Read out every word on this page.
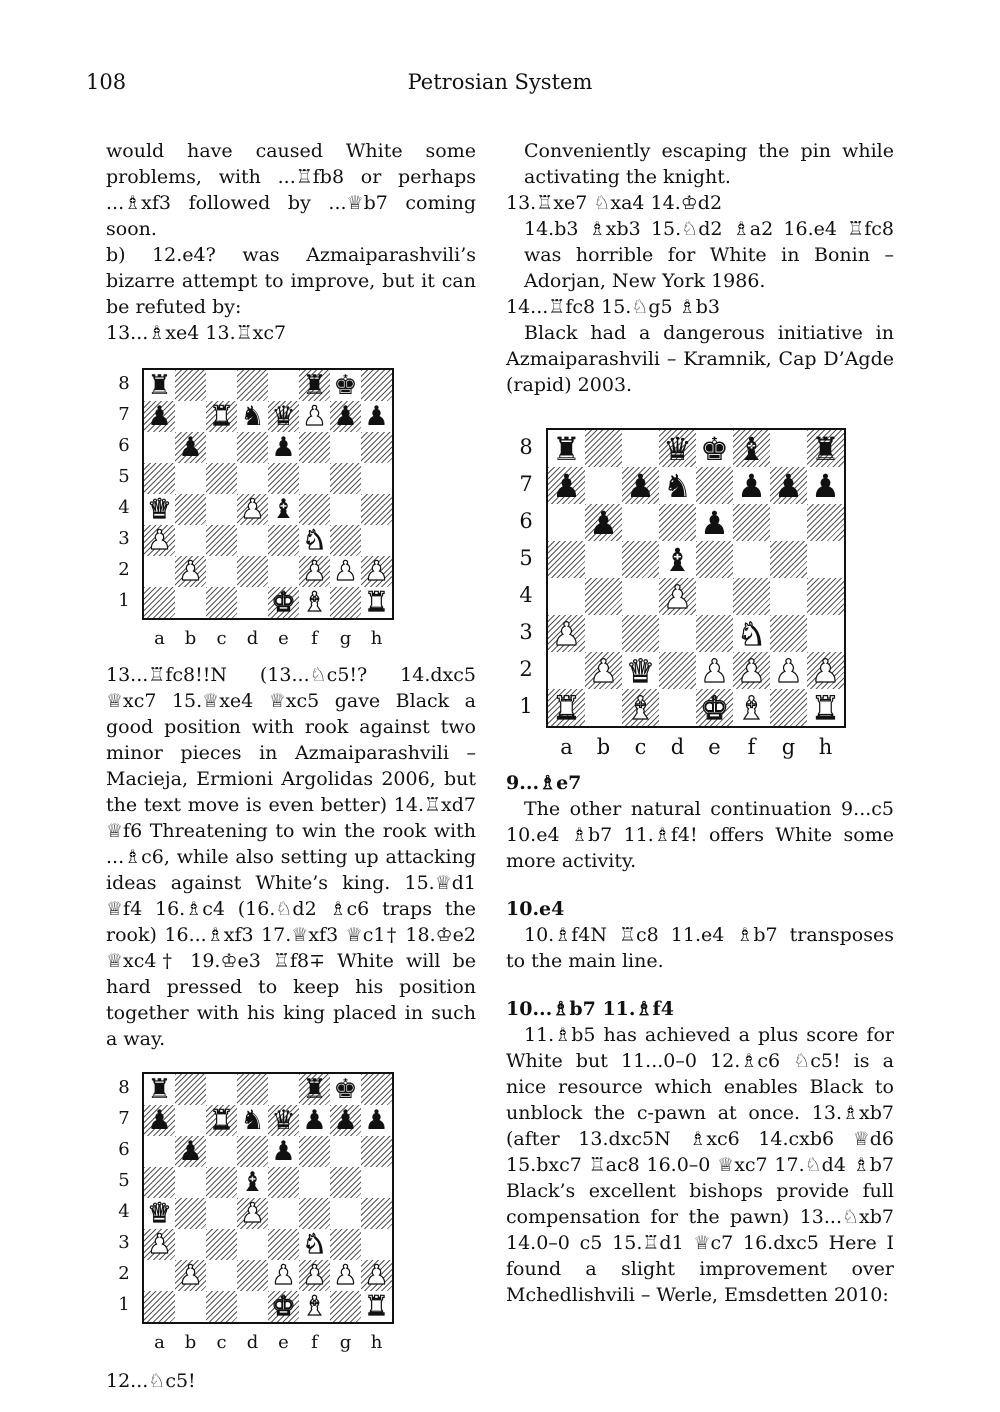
108	Petrosian System

would have caused White some problems, with ...♖fb8 or perhaps ...♗xf3 followed by ...♕b7 coming soon.

b) 12.e4? was Azmaiparashvili’s bizarre attempt to improve, but it can be refuted by:

13...♗xe4 13.♖xc7

8
7
6
5
4
3
2
1
♜	♜ ♚
♟ ♜ ♞ ♛ ♟ ♟ ♟
♟	♟
♛	♟ ♝
♟	♞
♟	♟ ♟ ♟
♚ ♝ ♜
a	b	c	d	e	f	g	h

13...♖fc8!!N (13...♘c5!? 14.dxc5 ♕xc7 15.♕xe4 ♕xc5 gave Black a good position with rook against two minor pieces in Azmaiparashvili – Macieja, Ermioni Argolidas 2006, but the text move is even better) 14.♖xd7 ♕f6 Threatening to win the rook with ...♗c6, while also setting up attacking ideas against White’s king. 15.♕d1 ♕f4 16.♗c4 (16.♘d2 ♗c6 traps the rook) 16...♗xf3 17.♕xf3 ♕c1† 18.♔e2 ♕xc4† 19.♔e3 ♖f8∓ White will be hard pressed to keep his position together with his king placed in such a way.

8
7
6
5
4
3
2
1
♜	♜ ♚
♟ ♜ ♞ ♛ ♟ ♟ ♟
♟	♟
♝
♛	♟
♟	♞
♟	♟ ♟ ♟ ♟
♚ ♝ ♜
a	b	c	d	e	f	g	h

12...♘c5!

Conveniently escaping the pin while activating the knight.

13.♖xe7 ♘xa4 14.♔d2

14.b3 ♗xb3 15.♘d2 ♗a2 16.e4 ♖fc8 was horrible for White in Bonin – Adorjan, New York 1986.

14...♖fc8 15.♘g5 ♗b3

Black had a dangerous initiative in Azmaiparashvili – Kramnik, Cap D’Agde (rapid) 2003.

8
7
6
5
4
3
2
1
♜	♛ ♚ ♝ ♜
♟ ♟ ♞ ♟ ♟ ♟
♟	♟
♝
♟
♟	♞
♟ ♛ ♟ ♟ ♟ ♟
♜ ♝ ♚ ♝ ♜
a	b	c	d	e	f	g	h

9...♗e7

The other natural continuation 9...c5 10.e4 ♗b7 11.♗f4! offers White some more activity.

10.e4

10.♗f4N ♖c8 11.e4 ♗b7 transposes to the main line.

10...♗b7 11.♗f4

11.♗b5 has achieved a plus score for White but 11...0–0 12.♗c6 ♘c5! is a nice resource which enables Black to unblock the c-pawn at once. 13.♗xb7 (after 13.dxc5N ♗xc6 14.cxb6 ♕d6 15.bxc7 ♖ac8 16.0–0 ♕xc7 17.♘d4 ♗b7 Black’s excellent bishops provide full compensation for the pawn) 13...♘xb7 14.0–0 c5 15.♖d1 ♕c7 16.dxc5 Here I found a slight improvement over Mchedlishvili – Werle, Emsdetten 2010:
